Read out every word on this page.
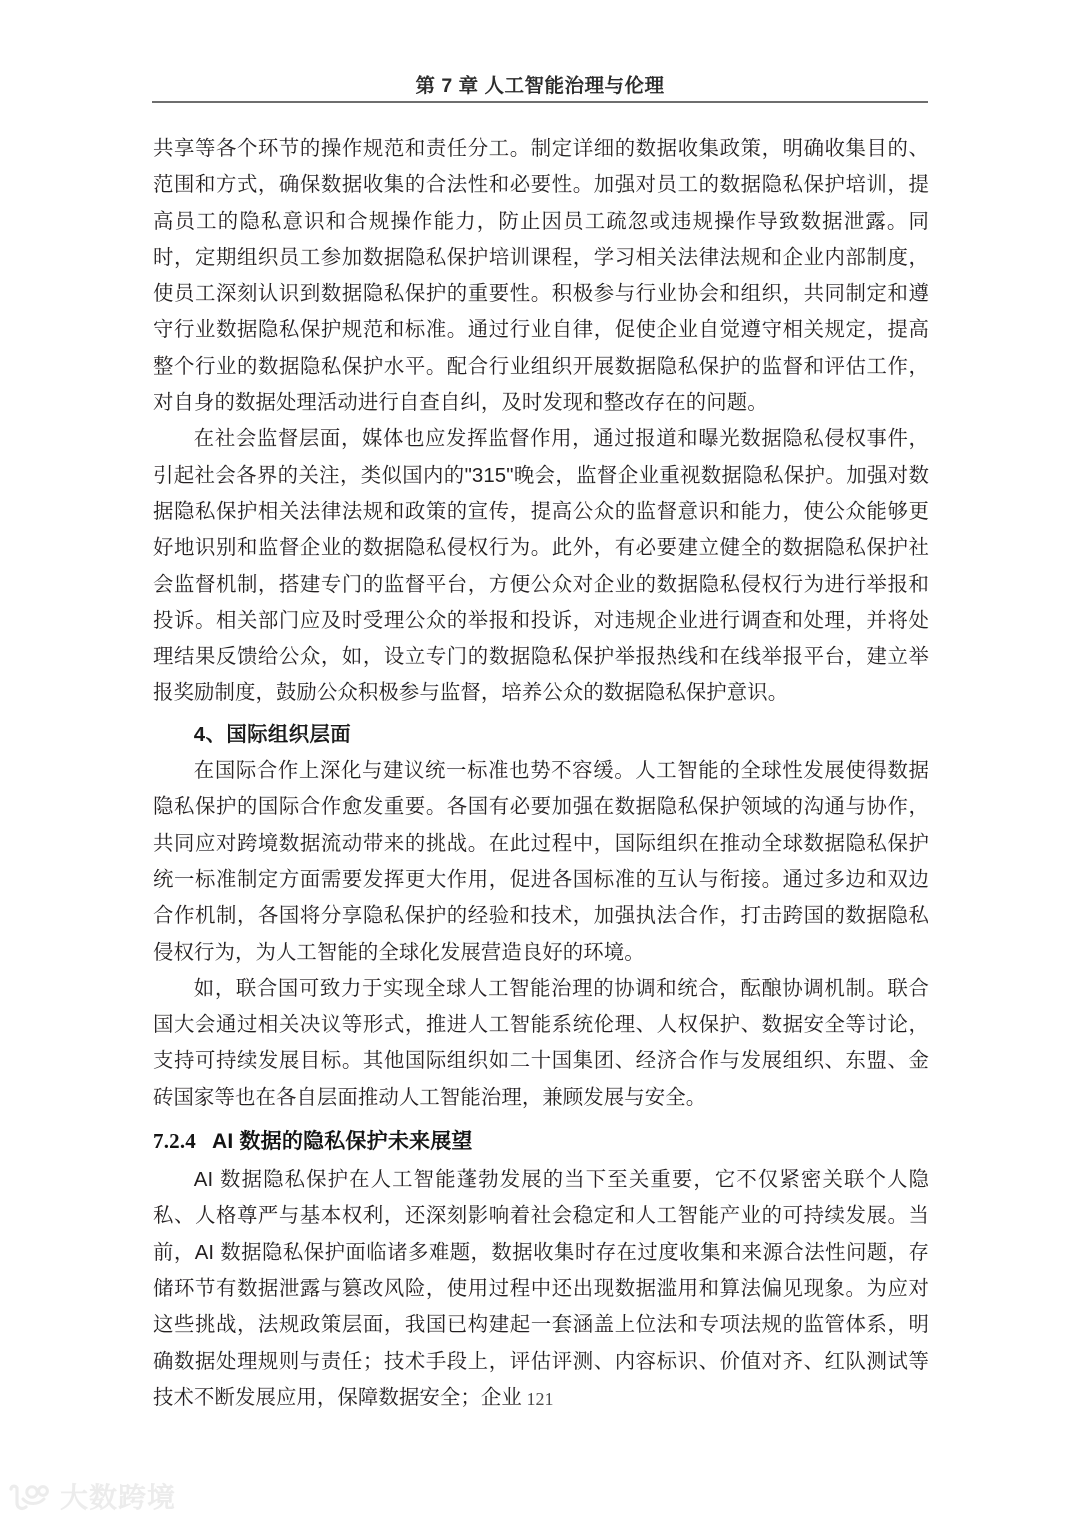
第 7 章 人工智能治理与伦理

共享等各个环节的操作规范和责任分工。制定详细的数据收集政策，明确收集目的、范围和方式，确保数据收集的合法性和必要性。加强对员工的数据隐私保护培训，提高员工的隐私意识和合规操作能力，防止因员工疏忽或违规操作导致数据泄露。同时，定期组织员工参加数据隐私保护培训课程，学习相关法律法规和企业内部制度，使员工深刻认识到数据隐私保护的重要性。积极参与行业协会和组织，共同制定和遵守行业数据隐私保护规范和标准。通过行业自律，促使企业自觉遵守相关规定，提高整个行业的数据隐私保护水平。配合行业组织开展数据隐私保护的监督和评估工作，对自身的数据处理活动进行自查自纠，及时发现和整改存在的问题。

在社会监督层面，媒体也应发挥监督作用，通过报道和曝光数据隐私侵权事件，引起社会各界的关注，类似国内的"315"晚会，监督企业重视数据隐私保护。加强对数据隐私保护相关法律法规和政策的宣传，提高公众的监督意识和能力，使公众能够更好地识别和监督企业的数据隐私侵权行为。此外，有必要建立健全的数据隐私保护社会监督机制，搭建专门的监督平台，方便公众对企业的数据隐私侵权行为进行举报和投诉。相关部门应及时受理公众的举报和投诉，对违规企业进行调查和处理，并将处理结果反馈给公众，如，设立专门的数据隐私保护举报热线和在线举报平台，建立举报奖励制度，鼓励公众积极参与监督，培养公众的数据隐私保护意识。

4、国际组织层面

在国际合作上深化与建议统一标准也势不容缓。人工智能的全球性发展使得数据隐私保护的国际合作愈发重要。各国有必要加强在数据隐私保护领域的沟通与协作，共同应对跨境数据流动带来的挑战。在此过程中，国际组织在推动全球数据隐私保护统一标准制定方面需要发挥更大作用，促进各国标准的互认与衔接。通过多边和双边合作机制，各国将分享隐私保护的经验和技术，加强执法合作，打击跨国的数据隐私侵权行为，为人工智能的全球化发展营造良好的环境。

如，联合国可致力于实现全球人工智能治理的协调和统合，酝酿协调机制。联合国大会通过相关决议等形式，推进人工智能系统伦理、人权保护、数据安全等讨论，支持可持续发展目标。其他国际组织如二十国集团、经济合作与发展组织、东盟、金砖国家等也在各自层面推动人工智能治理，兼顾发展与安全。

7.2.4 AI 数据的隐私保护未来展望

AI 数据隐私保护在人工智能蓬勃发展的当下至关重要，它不仅紧密关联个人隐私、人格尊严与基本权利，还深刻影响着社会稳定和人工智能产业的可持续发展。当前，AI 数据隐私保护面临诸多难题，数据收集时存在过度收集和来源合法性问题，存储环节有数据泄露与篡改风险，使用过程中还出现数据滥用和算法偏见现象。为应对这些挑战，法规政策层面，我国已构建起一套涵盖上位法和专项法规的监管体系，明确数据处理规则与责任；技术手段上，评估评测、内容标识、价值对齐、红队测试等技术不断发展应用，保障数据安全；企业 121
大数跨境
